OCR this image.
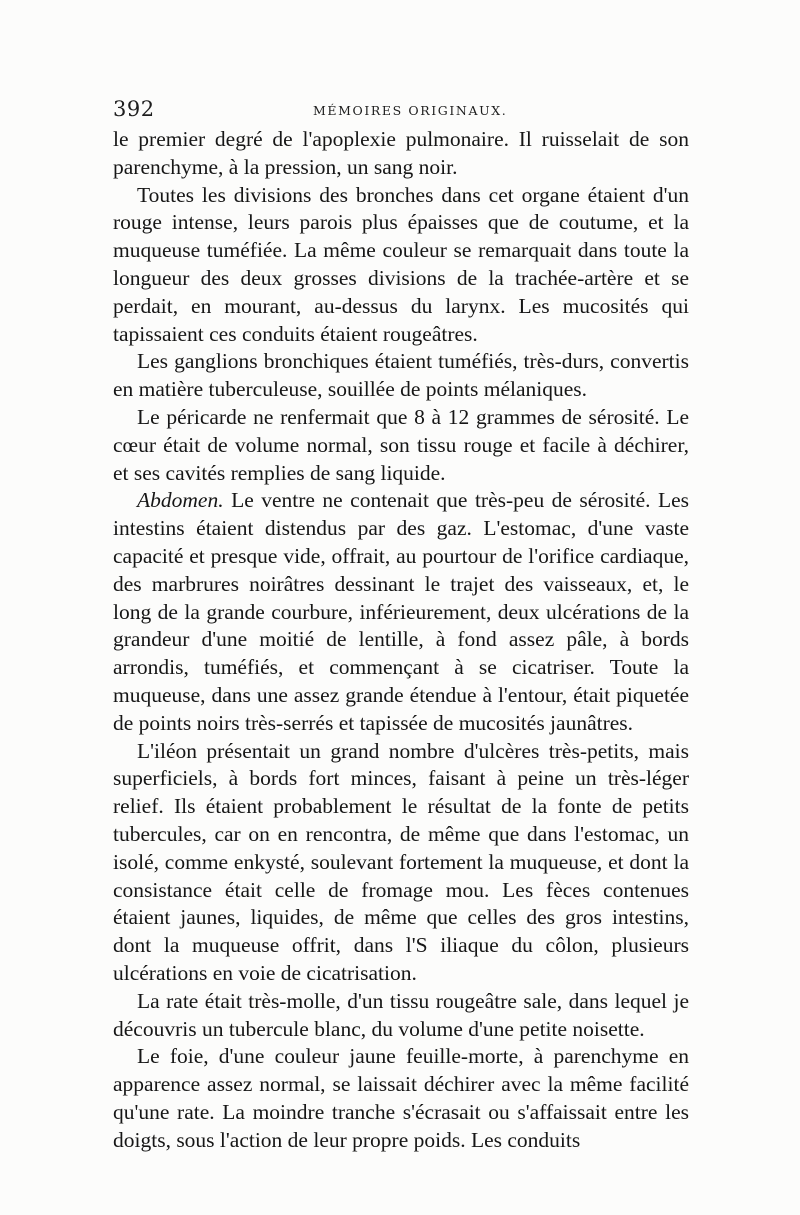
392	MÉMOIRES ORIGINAUX.

le premier degré de l'apoplexie pulmonaire. Il ruisselait de son parenchyme, à la pression, un sang noir.

Toutes les divisions des bronches dans cet organe étaient d'un rouge intense, leurs parois plus épaisses que de coutume, et la muqueuse tuméfiée. La même couleur se remarquait dans toute la longueur des deux grosses divisions de la trachée-artère et se perdait, en mourant, au-dessus du larynx. Les mucosités qui tapissaient ces conduits étaient rougeâtres.

Les ganglions bronchiques étaient tuméfiés, très-durs, convertis en matière tuberculeuse, souillée de points mélaniques.

Le péricarde ne renfermait que 8 à 12 grammes de sérosité. Le cœur était de volume normal, son tissu rouge et facile à déchirer, et ses cavités remplies de sang liquide.

Abdomen. Le ventre ne contenait que très-peu de sérosité. Les intestins étaient distendus par des gaz. L'estomac, d'une vaste capacité et presque vide, offrait, au pourtour de l'orifice cardiaque, des marbrures noirâtres dessinant le trajet des vaisseaux, et, le long de la grande courbure, inférieurement, deux ulcérations de la grandeur d'une moitié de lentille, à fond assez pâle, à bords arrondis, tuméfiés, et commençant à se cicatriser. Toute la muqueuse, dans une assez grande étendue à l'entour, était piquetée de points noirs très-serrés et tapissée de mucosités jaunâtres.

L'iléon présentait un grand nombre d'ulcères très-petits, mais superficiels, à bords fort minces, faisant à peine un très-léger relief. Ils étaient probablement le résultat de la fonte de petits tubercules, car on en rencontra, de même que dans l'estomac, un isolé, comme enkysté, soulevant fortement la muqueuse, et dont la consistance était celle de fromage mou. Les fèces contenues étaient jaunes, liquides, de même que celles des gros intestins, dont la muqueuse offrit, dans l'S iliaque du côlon, plusieurs ulcérations en voie de cicatrisation.

La rate était très-molle, d'un tissu rougeâtre sale, dans lequel je découvris un tubercule blanc, du volume d'une petite noisette.

Le foie, d'une couleur jaune feuille-morte, à parenchyme en apparence assez normal, se laissait déchirer avec la même facilité qu'une rate. La moindre tranche s'écrasait ou s'affaissait entre les doigts, sous l'action de leur propre poids. Les conduits
